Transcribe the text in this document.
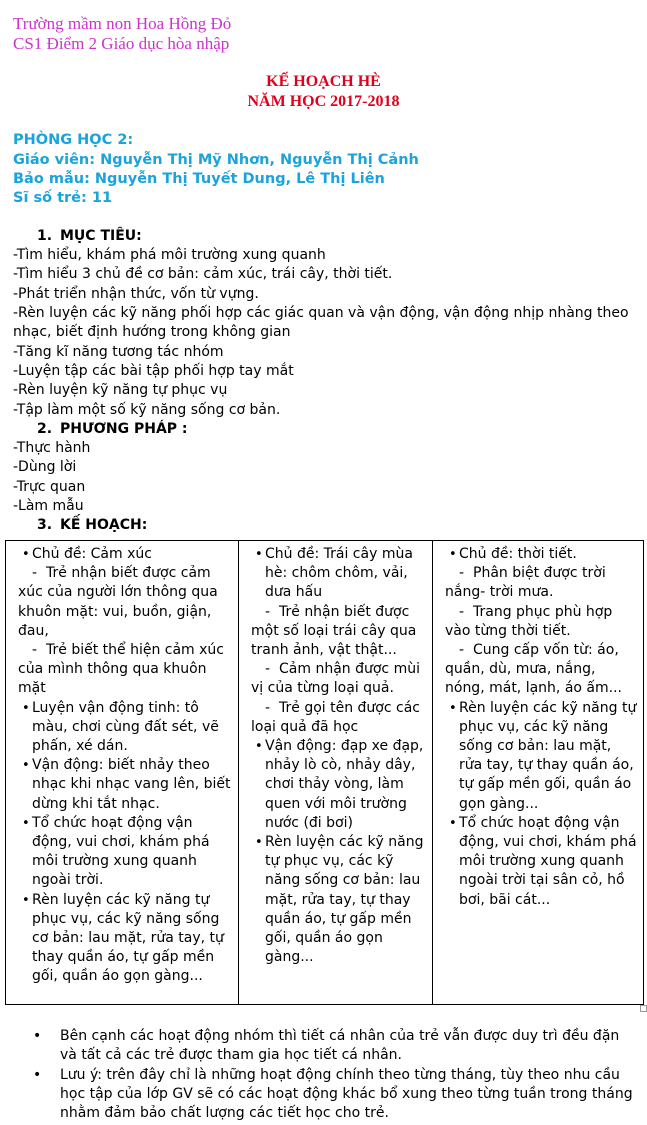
Trường mầm non Hoa Hồng Đỏ
CS1 Điểm 2 Giáo dục hòa nhập
KẾ HOẠCH HÈ
NĂM HỌC 2017-2018
PHÒNG HỌC 2:
Giáo viên: Nguyễn Thị Mỹ Nhơn, Nguyễn Thị Cảnh
Bảo mẫu: Nguyễn Thị Tuyết Dung, Lê Thị Liên
Sĩ số trẻ: 11
1. MỤC TIÊU:
-Tìm hiểu, khám phá môi trường xung quanh
-Tìm hiểu 3 chủ đề cơ bản: cảm xúc, trái cây, thời tiết.
-Phát triển nhận thức, vốn từ vựng.
-Rèn luyện các kỹ năng phối hợp các giác quan và vận động, vận động nhịp nhàng theo nhạc, biết định hướng trong không gian
-Tăng kĩ năng tương tác nhóm
-Luyện tập các bài tập phối hợp tay mắt
-Rèn luyện kỹ năng tự phục vụ
-Tập làm một số kỹ năng sống cơ bản.
2. PHƯƠNG PHÁP :
-Thực hành
-Dùng lời
-Trực quan
-Làm mẫu
3. KẾ HOẠCH:
• Chủ đề: Cảm xúc
- Trẻ nhận biết được cảm xúc của người lớn thông qua khuôn mặt: vui, buồn, giận, đau,
- Trẻ biết thể hiện cảm xúc của mình thông qua khuôn mặt
• Luyện vận động tinh: tô màu, chơi cùng đất sét, vẽ phấn, xé dán.
• Vận động: biết nhảy theo nhạc khi nhạc vang lên, biết dừng khi tắt nhạc.
• Tổ chức hoạt động vận động, vui chơi, khám phá môi trường xung quanh ngoài trời.
• Rèn luyện các kỹ năng tự phục vụ, các kỹ năng sống cơ bản: lau mặt, rửa tay, tự thay quần áo, tự gấp mền gối, quần áo gọn gàng...

• Chủ đề: Trái cây mùa hè: chôm chôm, vải, dưa hấu
- Trẻ nhận biết được một số loại trái cây qua tranh ảnh, vật thật...
- Cảm nhận được mùi vị của từng loại quả.
- Trẻ gọi tên được các loại quả đã học
• Vận động: đạp xe đạp, nhảy lò cò, nhảy dây, chơi thảy vòng, làm quen với môi trường nước (đi bơi)
• Rèn luyện các kỹ năng tự phục vụ, các kỹ năng sống cơ bản: lau mặt, rửa tay, tự thay quần áo, tự gấp mền gối, quần áo gọn gàng...

• Chủ đề: thời tiết.
- Phân biệt được trời nắng- trời mưa.
- Trang phục phù hợp vào từng thời tiết.
- Cung cấp vốn từ: áo, quần, dù, mưa, nắng, nóng, mát, lạnh, áo ấm...
• Rèn luyện các kỹ năng tự phục vụ, các kỹ năng sống cơ bản: lau mặt, rửa tay, tự thay quần áo, tự gấp mền gối, quần áo gọn gàng...
• Tổ chức hoạt động vận động, vui chơi, khám phá môi trường xung quanh ngoài trời tại sân cỏ, hồ bơi, bãi cát...
• Bên cạnh các hoạt động nhóm thì tiết cá nhân của trẻ vẫn được duy trì đều đặn và tất cả các trẻ được tham gia học tiết cá nhân.
• Lưu ý: trên đây chỉ là những hoạt động chính theo từng tháng, tùy theo nhu cầu học tập của lớp GV sẽ có các hoạt động khác bổ xung theo từng tuần trong tháng nhằm đảm bảo chất lượng các tiết học cho trẻ.
